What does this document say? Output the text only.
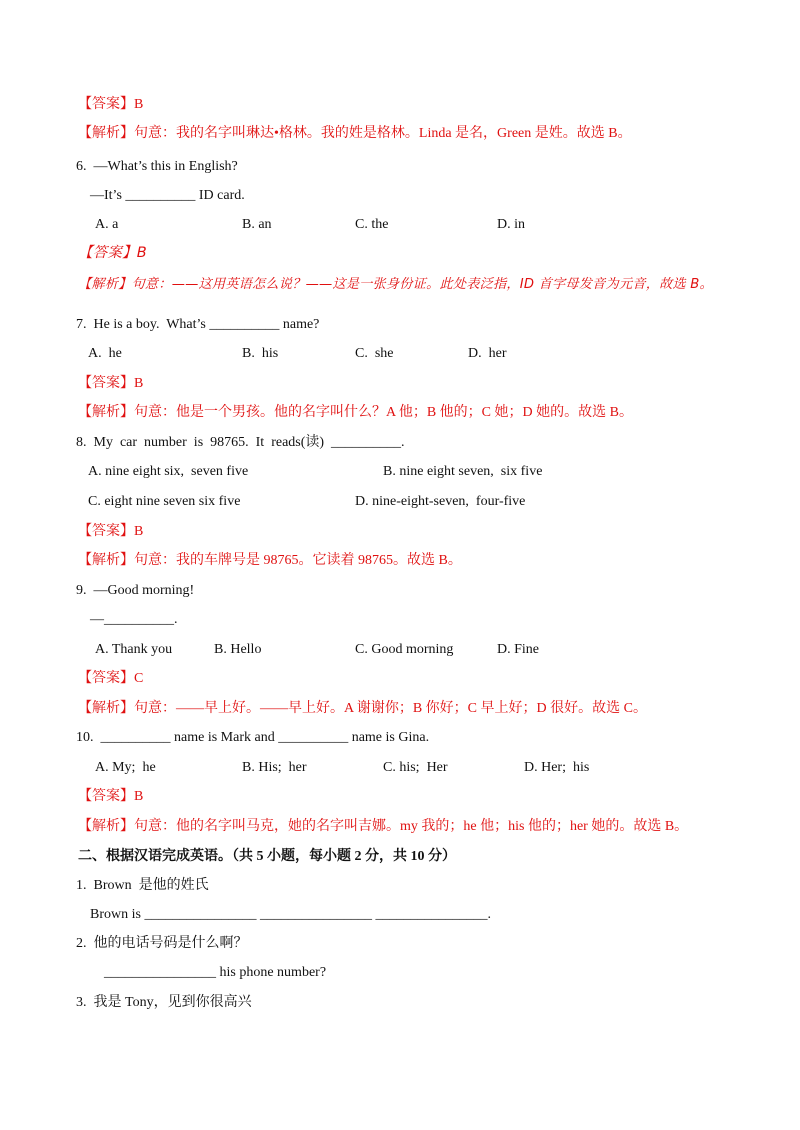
【答案】B
【解析】句意：我的名字叫琳达•格林。我的姓是格林。Linda 是名，Green 是姓。故选 B。
6.  —What’s this in English?
—It’s __________ ID card.
A. a	B. an	C. the	D. in
【答案】B
【解析】句意：——这用英语怎么说？——这是一张身份证。此处表泛指，ID 首字母发音为元音，故选 B。
7.  He is a boy.  What’s __________ name?
A.  he	B.  his	C.  she	D.  her
【答案】B
【解析】句意：他是一个男孩。他的名字叫什么？A 他；B 他的；C 她；D 她的。故选 B。
8.  My  car  number  is  98765.  It  reads(读)  __________.
A. nine eight six,  seven five	B. nine eight seven,  six five
C. eight nine seven six five	D. nine-eight-seven,  four-five
【答案】B
【解析】句意：我的车牌号是 98765。它读着 98765。故选 B。
9.  —Good morning!
—__________.
A. Thank you	B. Hello	C. Good morning	D. Fine
【答案】C
【解析】句意：——早上好。——早上好。A 谢谢你；B 你好；C 早上好；D 很好。故选 C。
10.  __________ name is Mark and __________ name is Gina.
A. My;  he	B. His;  her	C. his;  Her	D. Her;  his
【答案】B
【解析】句意：他的名字叫马克，她的名字叫吉娜。my 我的；he 他；his 他的；her 她的。故选 B。
二、根据汉语完成英语。（共 5 小题，每小题 2 分，共 10 分）
1.  Brown  是他的姓氏
Brown is ________________ ________________ ________________.
2.  他的电话号码是什么啊？
________________ his phone number?
3.  我是 Tony，见到你很高兴
